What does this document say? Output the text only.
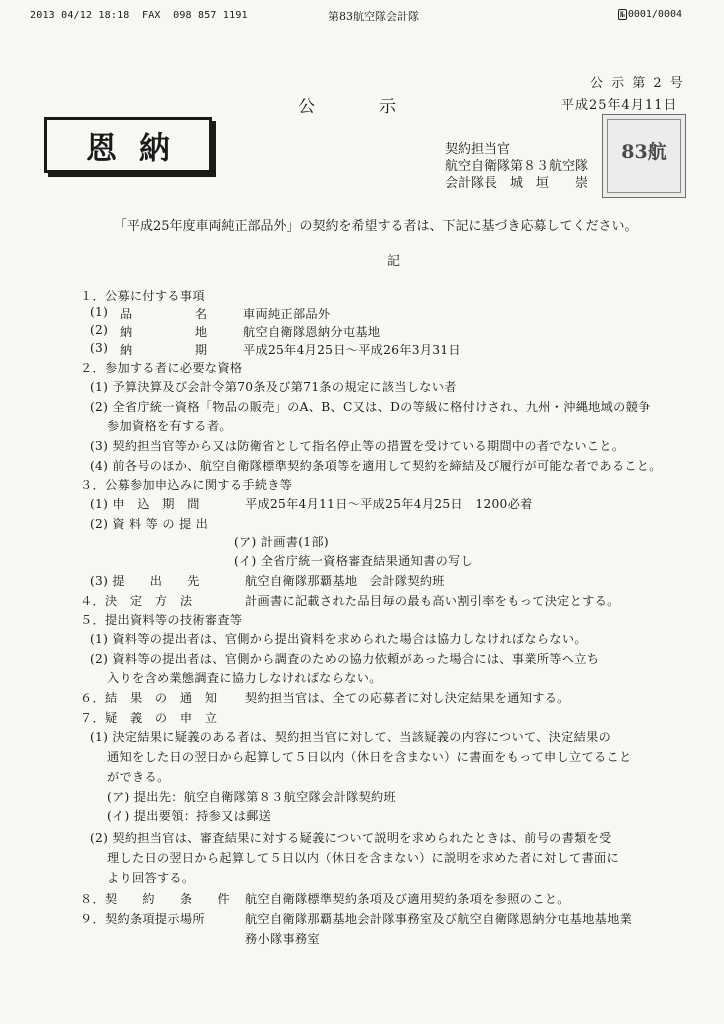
2013 04/12 18:18 FAX 098 857 1191	第83航空隊会計隊	№ 0001/0004
公 示 第 2 号
平成25年4月11日
公　　示
恩納	契約担当官
航空自衛隊第８３航空隊
会計隊長　城　垣　　崇
83航
「平成25年度車両純正部品外」の契約を希望する者は、下記に基づき応募してください。
記
１．公募に付する事項
(1) 品　　　　　名	車両純正部品外
(2) 納　　　　　地	航空自衛隊恩納分屯基地
(3) 納　　　　　期	平成25年4月25日～平成26年3月31日
２．参加する者に必要な資格
(1) 予算決算及び会計令第70条及び第71条の規定に該当しない者
(2) 全省庁統一資格「物品の販売」のA、B、C又は、Dの等級に格付けされ、九州・沖縄地域の競争
参加資格を有する者。
(3) 契約担当官等から又は防衛省として指名停止等の措置を受けている期間中の者でないこと。
(4) 前各号のほか、航空自衛隊標準契約条項等を適用して契約を締結及び履行が可能な者であること。
３．公募参加申込みに関する手続き等
(1) 申　込　期　間	平成25年4月11日～平成25年4月25日　1200必着
(2) 資 料 等 の 提 出
(ア) 計画書(1部)
(イ) 全省庁統一資格審査結果通知書の写し
(3) 提　　出　　先	航空自衛隊那覇基地　会計隊契約班
４．決　定　方　法	計画書に記載された品目毎の最も高い割引率をもって決定とする。
５．提出資料等の技術審査等
(1) 資料等の提出者は、官側から提出資料を求められた場合は協力しなければならない。
(2) 資料等の提出者は、官側から調査のための協力依頼があった場合には、事業所等へ立ち
入りを含め業態調査に協力しなければならない。
６．結　果　の　通　知 契約担当官は、全ての応募者に対し決定結果を通知する。
７．疑　義　の　申　立
(1) 決定結果に疑義のある者は、契約担当官に対して、当該疑義の内容について、決定結果の
通知をした日の翌日から起算して５日以内（休日を含まない）に書面をもって申し立てること
ができる。
(ア) 提出先：航空自衛隊第８３航空隊会計隊契約班
(イ) 提出要領：持参又は郵送
(2) 契約担当官は、審査結果に対する疑義について説明を求められたときは、前号の書類を受
理した日の翌日から起算して５日以内（休日を含まない）に説明を求めた者に対して書面に
より回答する。
８．契　　約　　条　　件 航空自衛隊標準契約条項及び適用契約条項を参照のこと。
９．契約条項提示場所	航空自衛隊那覇基地会計隊事務室及び航空自衛隊恩納分屯基地基地業
務小隊事務室
